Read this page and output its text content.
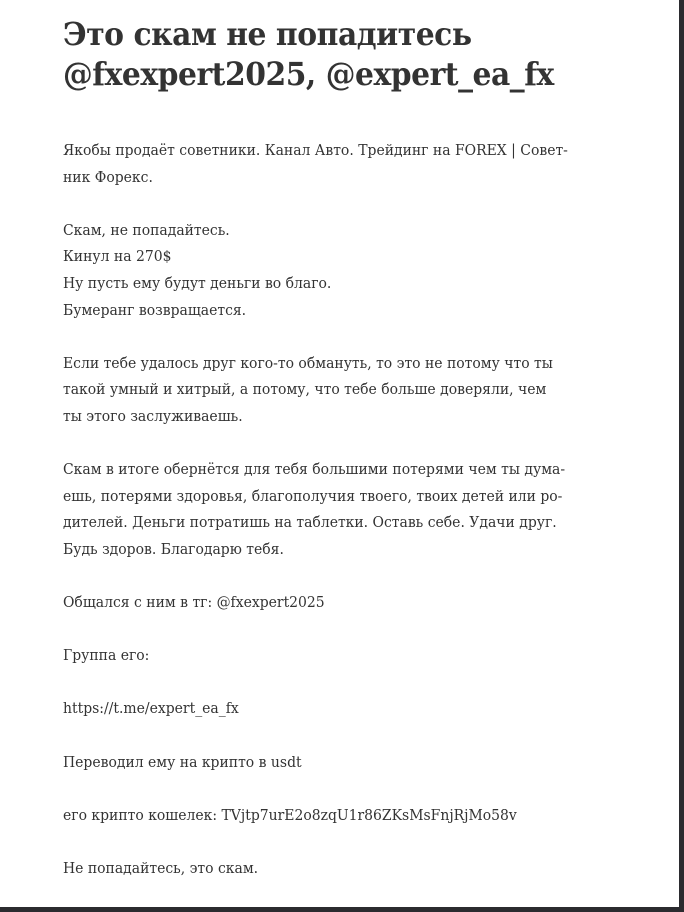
Это скам не попадитесь
@fxexpert2025, @expert_ea_fx

Якобы продаёт советники. Канал Авто. Трейдинг на FOREX | Совет-
ник Форекс.

Скам, не попадайтесь.
Кинул на 270$
Ну пусть ему будут деньги во благо.
Бумеранг возвращается.

Если тебе удалось друг кого-то обмануть, то это не потому что ты
такой умный и хитрый, а потому, что тебе больше доверяли, чем
ты этого заслуживаешь.

Скам в итоге обернётся для тебя большими потерями чем ты дума-
ешь, потерями здоровья, благополучия твоего, твоих детей или ро-
дителей. Деньги потратишь на таблетки. Оставь себе. Удачи друг.
Будь здоров. Благодарю тебя.

Общался с ним в тг: @fxexpert2025

Группа его:

https://t.me/expert_ea_fx

Переводил ему на крипто в usdt

его крипто кошелек: TVjtp7urE2o8zqU1r86ZKsMsFnjRjMo58v

Не попадайтесь, это скам.
